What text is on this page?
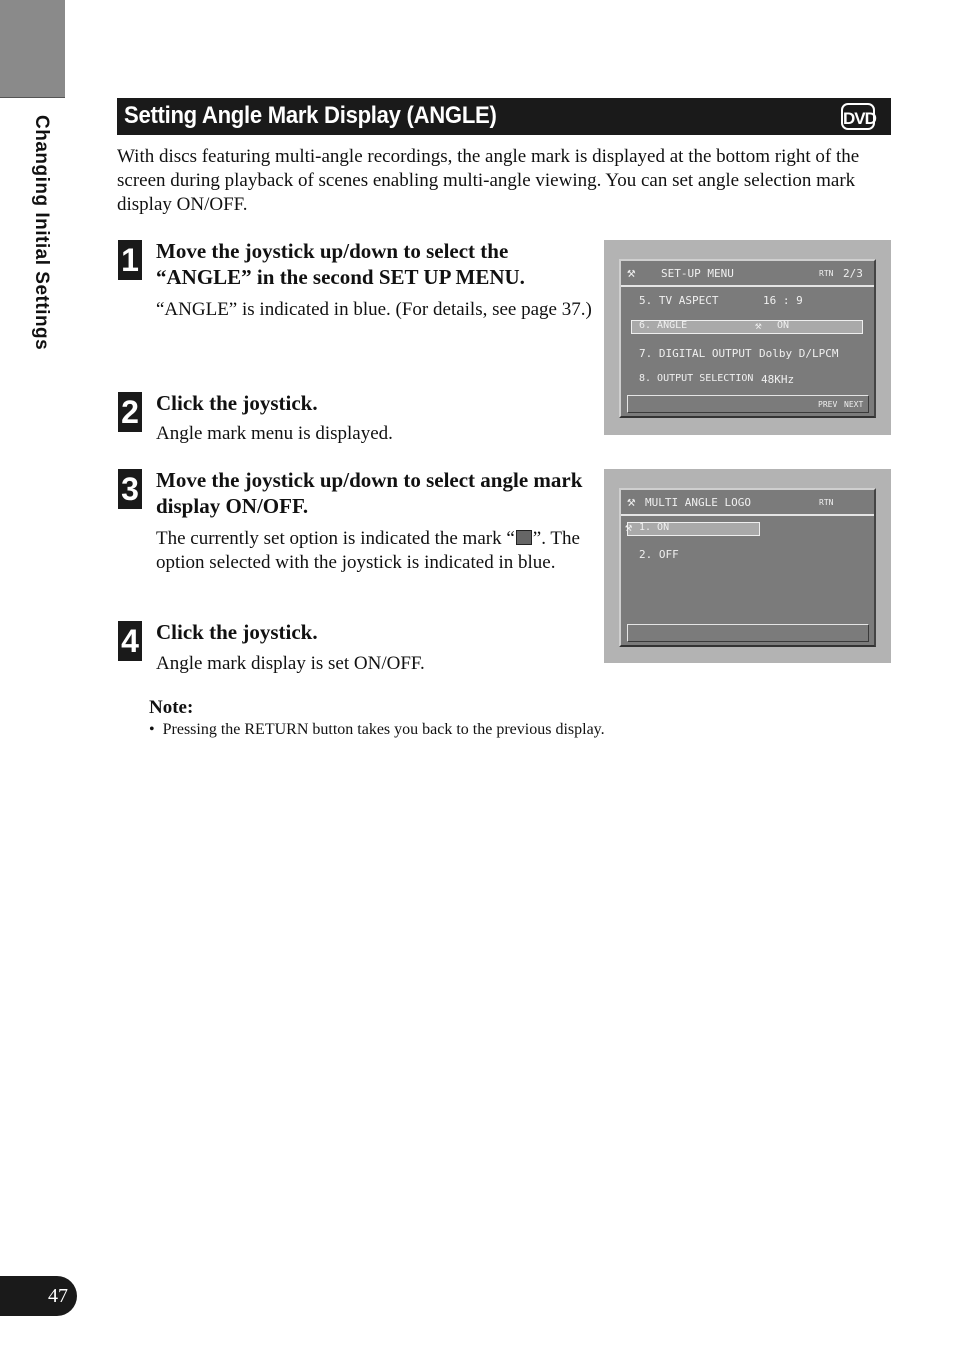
Changing Initial Settings	Setting Angle Mark Display (ANGLE)	DVD
With discs featuring multi-angle recordings, the angle mark is displayed at the bottom right of the screen during playback of scenes enabling multi-angle viewing. You can set angle selection mark display ON/OFF.
1 Move the joystick up/down to select the “ANGLE” in the second SET UP MENU.
“ANGLE” is indicated in blue. (For details, see page 37.)
2 Click the joystick.
Angle mark menu is displayed.
3 Move the joystick up/down to select angle mark display ON/OFF.
The currently set option is indicated the mark “ ”. The option selected with the joystick is indicated in blue.
4 Click the joystick.
Angle mark display is set ON/OFF.
⚒ SET-UP MENU	RTN 2/3
5. TV ASPECT	16 : 9
6. ANGLE	⚒ ON
7. DIGITAL OUTPUT Dolby D/LPCM
8. OUTPUT SELECTION 48KHz
PREV NEXT
⚒ MULTI ANGLE LOGO	RTN
⚒ 1. ON
2. OFF
Note:
•  Pressing the RETURN button takes you back to the previous display.
47
